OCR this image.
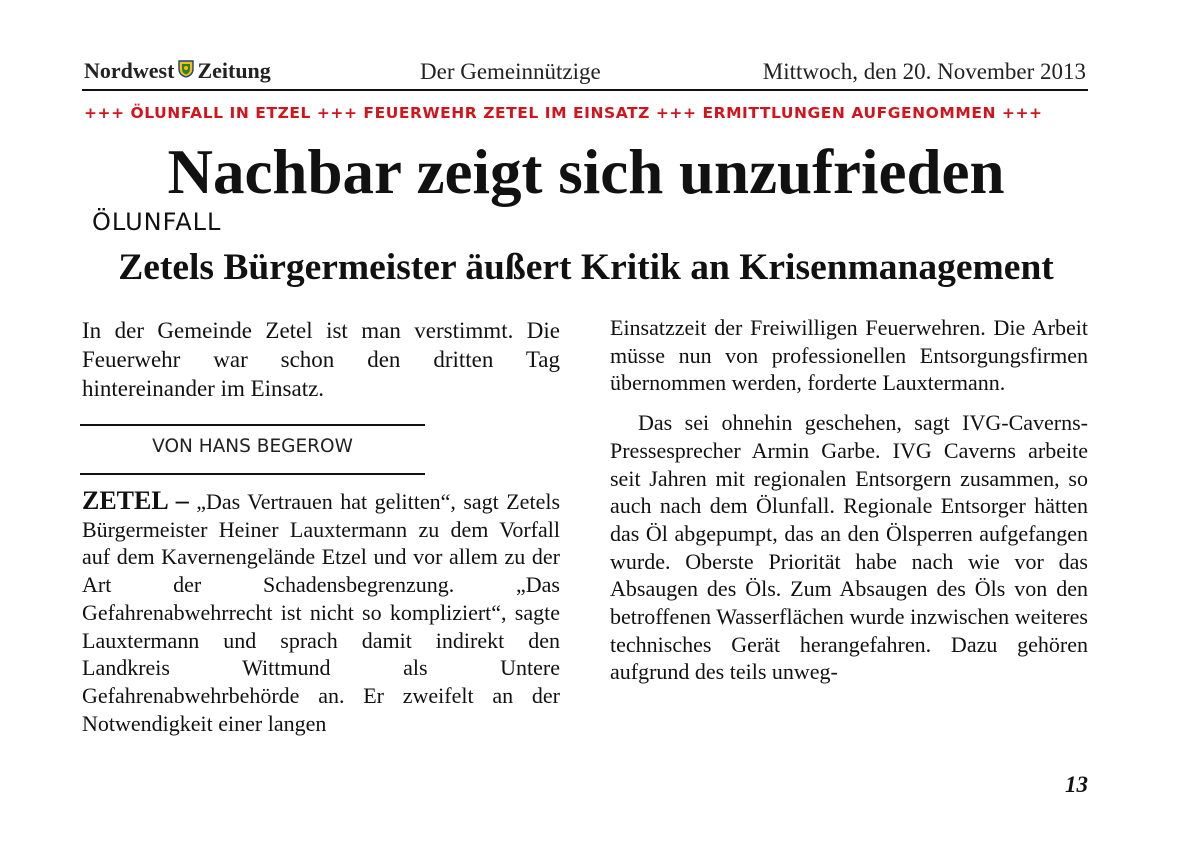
Nordwest Zeitung	Der Gemeinnützige	Mittwoch, den 20. November 2013
+++ ÖLUNFALL IN ETZEL +++ FEUERWEHR ZETEL IM EINSATZ +++ ERMITTLUNGEN AUFGENOMMEN +++
Nachbar zeigt sich unzufrieden
ÖLUNFALL
Zetels Bürgermeister äußert Kritik an Krisenmanagement

In der Gemeinde Zetel ist man verstimmt. Die Feuerwehr war schon den dritten Tag hintereinander im Einsatz.

VON HANS BEGEROW

ZETEL – „Das Vertrauen hat gelitten“, sagt Zetels Bürgermeister Heiner Lauxtermann zu dem Vorfall auf dem Kavernengelände Etzel und vor allem zu der Art der Schadensbegrenzung. „Das Gefahrenabwehrrecht ist nicht so kompliziert“, sagte Lauxtermann und sprach damit indirekt den Landkreis Wittmund als Untere Gefahrenabwehrbehörde an. Er zweifelt an der Notwendigkeit einer langen

Einsatzzeit der Freiwilligen Feuerwehren. Die Arbeit müsse nun von professionellen Entsorgungsfirmen übernommen werden, forderte Lauxtermann.

Das sei ohnehin geschehen, sagt IVG-Caverns-Pressesprecher Armin Garbe. IVG Caverns arbeite seit Jahren mit regionalen Entsorgern zusammen, so auch nach dem Ölunfall. Regionale Entsorger hätten das Öl abgepumpt, das an den Ölsperren aufgefangen wurde. Oberste Priorität habe nach wie vor das Absaugen des Öls. Zum Absaugen des Öls von den betroffenen Wasserflächen wurde inzwischen weiteres technisches Gerät herangefahren. Dazu gehören aufgrund des teils unweg-

13
